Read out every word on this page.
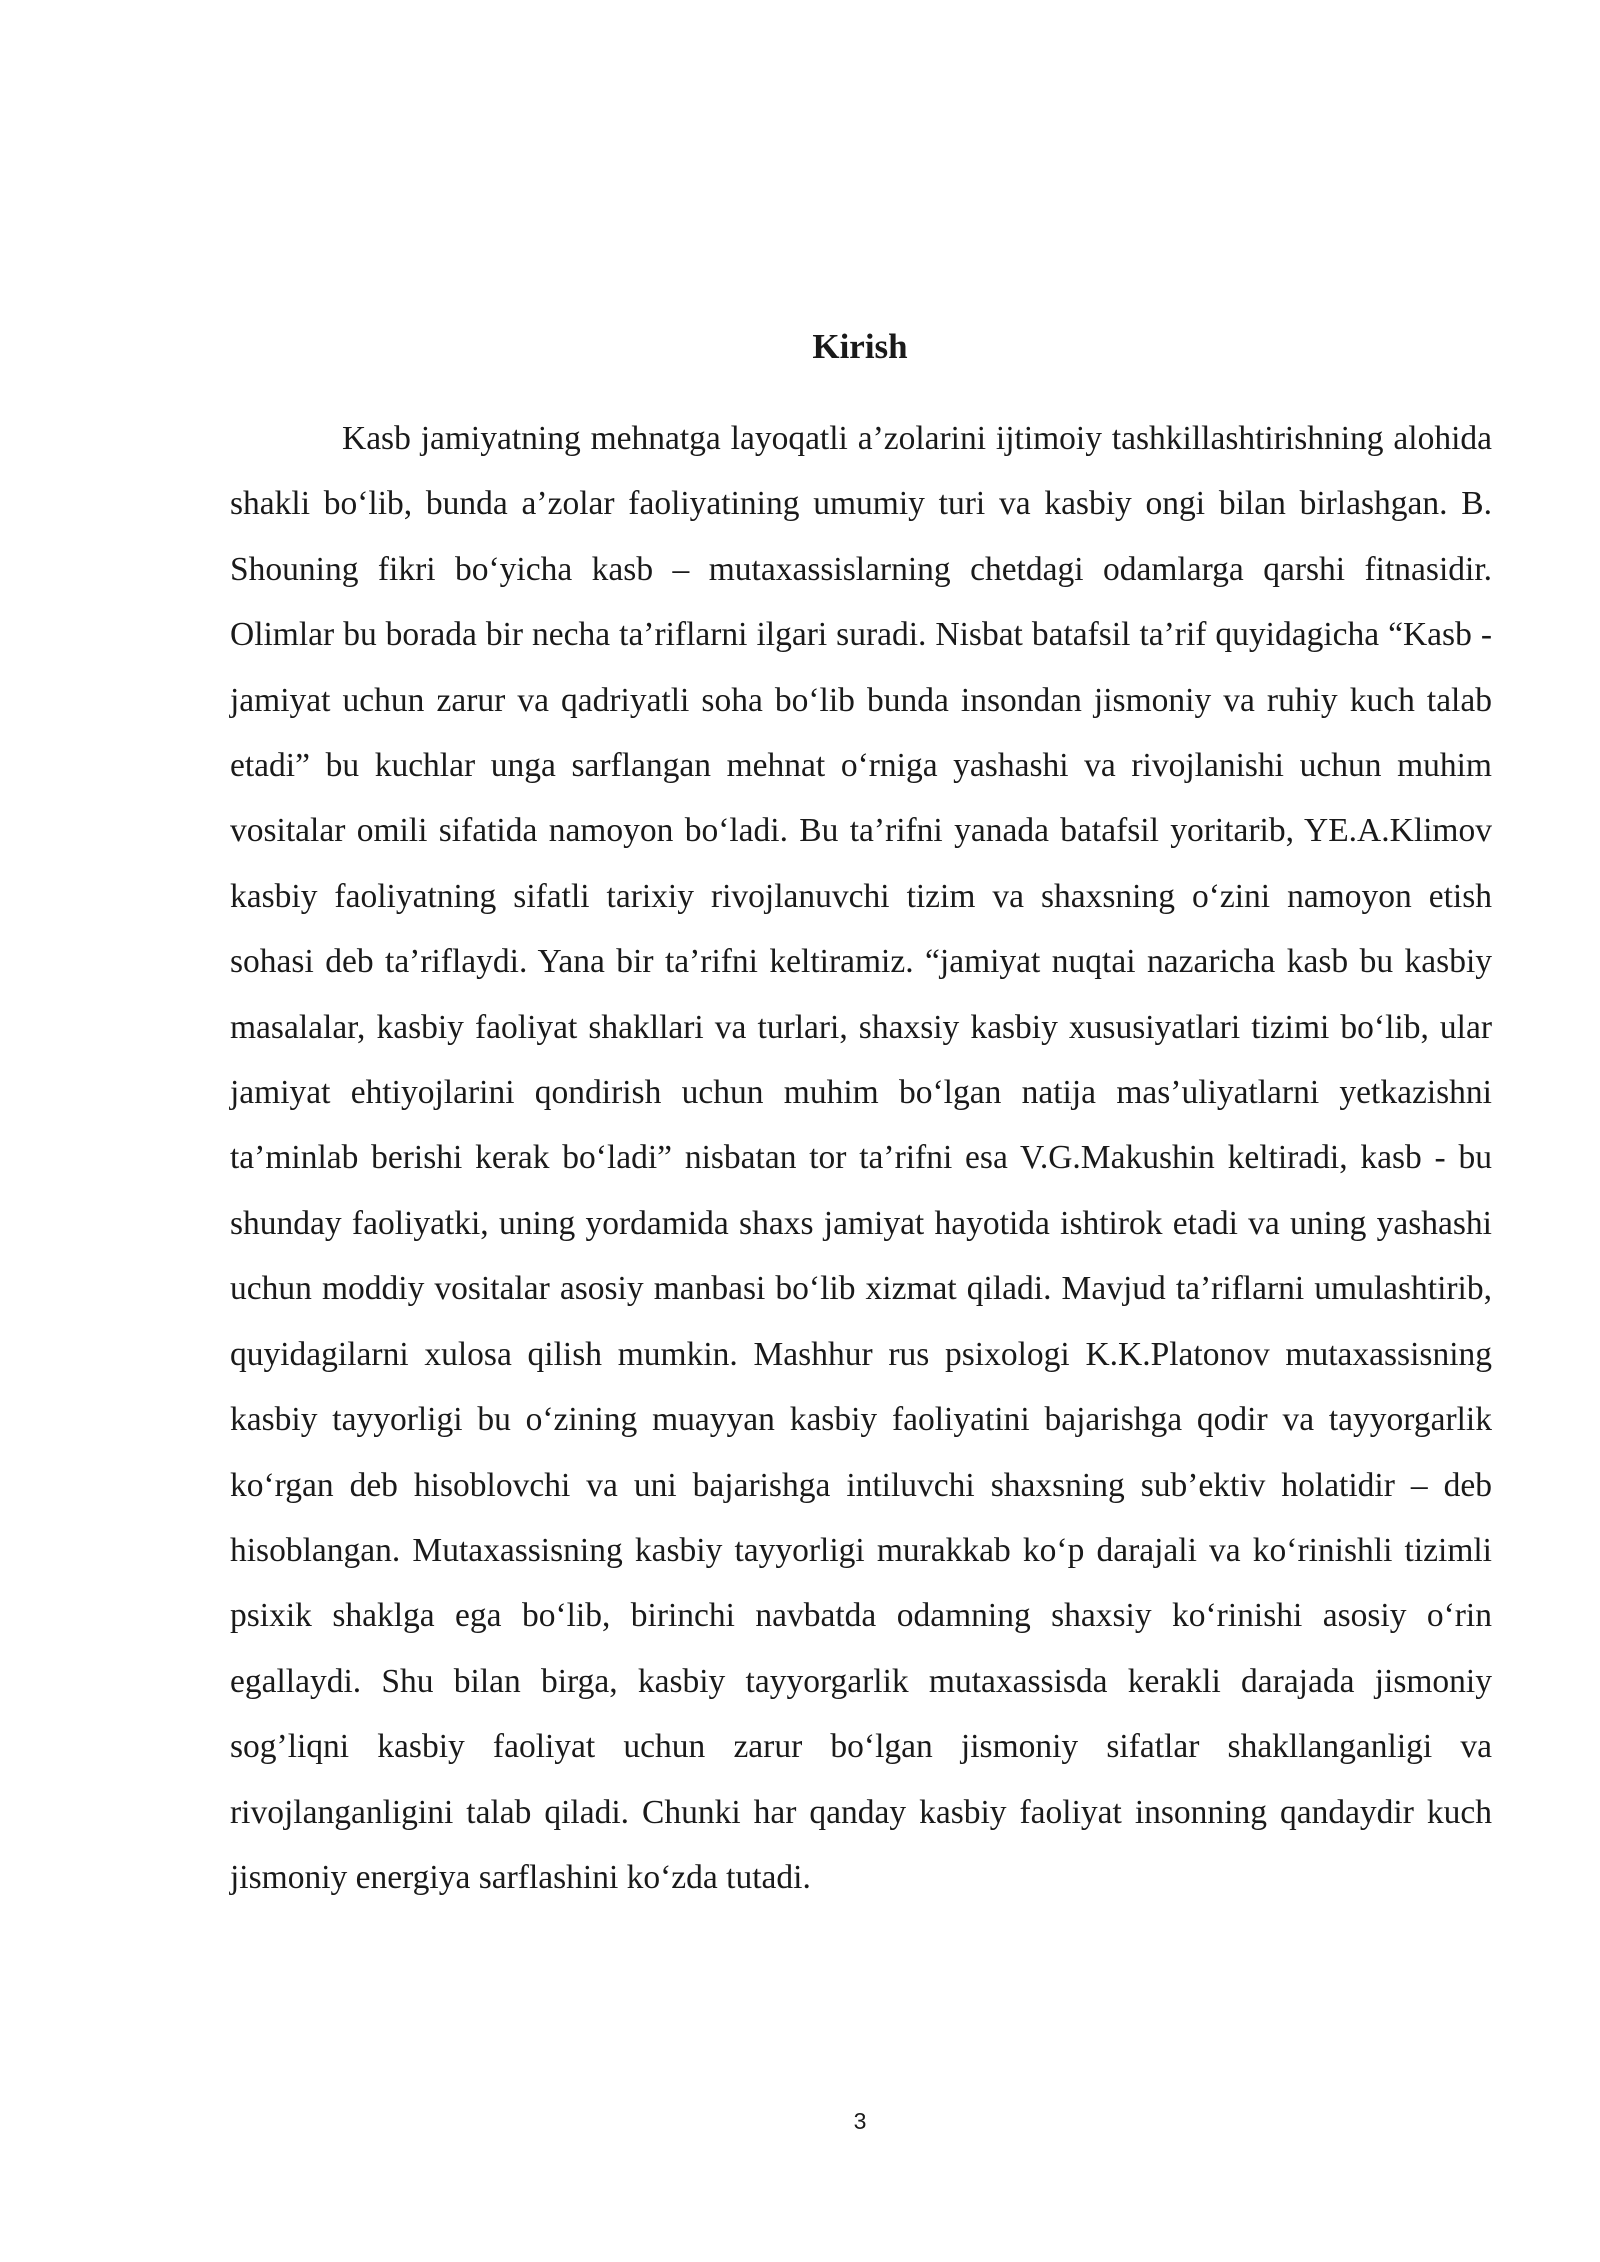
Kirish

Kasb jamiyatning mehnatga layoqatli a’zolarini ijtimoiy tashkillashtirishning alohida shakli bo‘lib, bunda a’zolar faoliyatining umumiy turi va kasbiy ongi bilan birlashgan. B. Shouning fikri bo‘yicha kasb – mutaxassislarning chetdagi odamlarga qarshi fitnasidir. Olimlar bu borada bir necha ta’riflarni ilgari suradi. Nisbat batafsil ta’rif quyidagicha “Kasb - jamiyat uchun zarur va qadriyatli soha bo‘lib bunda insondan jismoniy va ruhiy kuch talab etadi” bu kuchlar unga sarflangan mehnat o‘rniga yashashi va rivojlanishi uchun muhim vositalar omili sifatida namoyon bo‘ladi. Bu ta’rifni yanada batafsil yoritarib, YE.A.Klimov kasbiy faoliyatning sifatli tarixiy rivojlanuvchi tizim va shaxsning o‘zini namoyon etish sohasi deb ta’riflaydi. Yana bir ta’rifni keltiramiz. “jamiyat nuqtai nazaricha kasb bu kasbiy masalalar, kasbiy faoliyat shakllari va turlari, shaxsiy kasbiy xususiyatlari tizimi bo‘lib, ular jamiyat ehtiyojlarini qondirish uchun muhim bo‘lgan natija mas’uliyatlarni yetkazishni ta’minlab berishi kerak bo‘ladi” nisbatan tor ta’rifni esa V.G.Makushin keltiradi, kasb - bu shunday faoliyatki, uning yordamida shaxs jamiyat hayotida ishtirok etadi va uning yashashi uchun moddiy vositalar asosiy manbasi bo‘lib xizmat qiladi. Mavjud ta’riflarni umulashtirib, quyidagilarni xulosa qilish mumkin. Mashhur rus psixologi K.K.Platonov mutaxassisning kasbiy tayyorligi bu o‘zining muayyan kasbiy faoliyatini bajarishga qodir va tayyorgarlik ko‘rgan deb hisoblovchi va uni bajarishga intiluvchi shaxsning sub’ektiv holatidir – deb hisoblangan. Mutaxassisning kasbiy tayyorligi murakkab ko‘p darajali va ko‘rinishli tizimli psixik shaklga ega bo‘lib, birinchi navbatda odamning shaxsiy ko‘rinishi asosiy o‘rin egallaydi. Shu bilan birga, kasbiy tayyorgarlik mutaxassisda kerakli darajada jismoniy sog’liqni kasbiy faoliyat uchun zarur bo‘lgan jismoniy sifatlar shakllanganligi va rivojlanganligini talab qiladi. Chunki har qanday kasbiy faoliyat insonning qandaydir kuch jismoniy energiya sarflashini ko‘zda tutadi.

3
